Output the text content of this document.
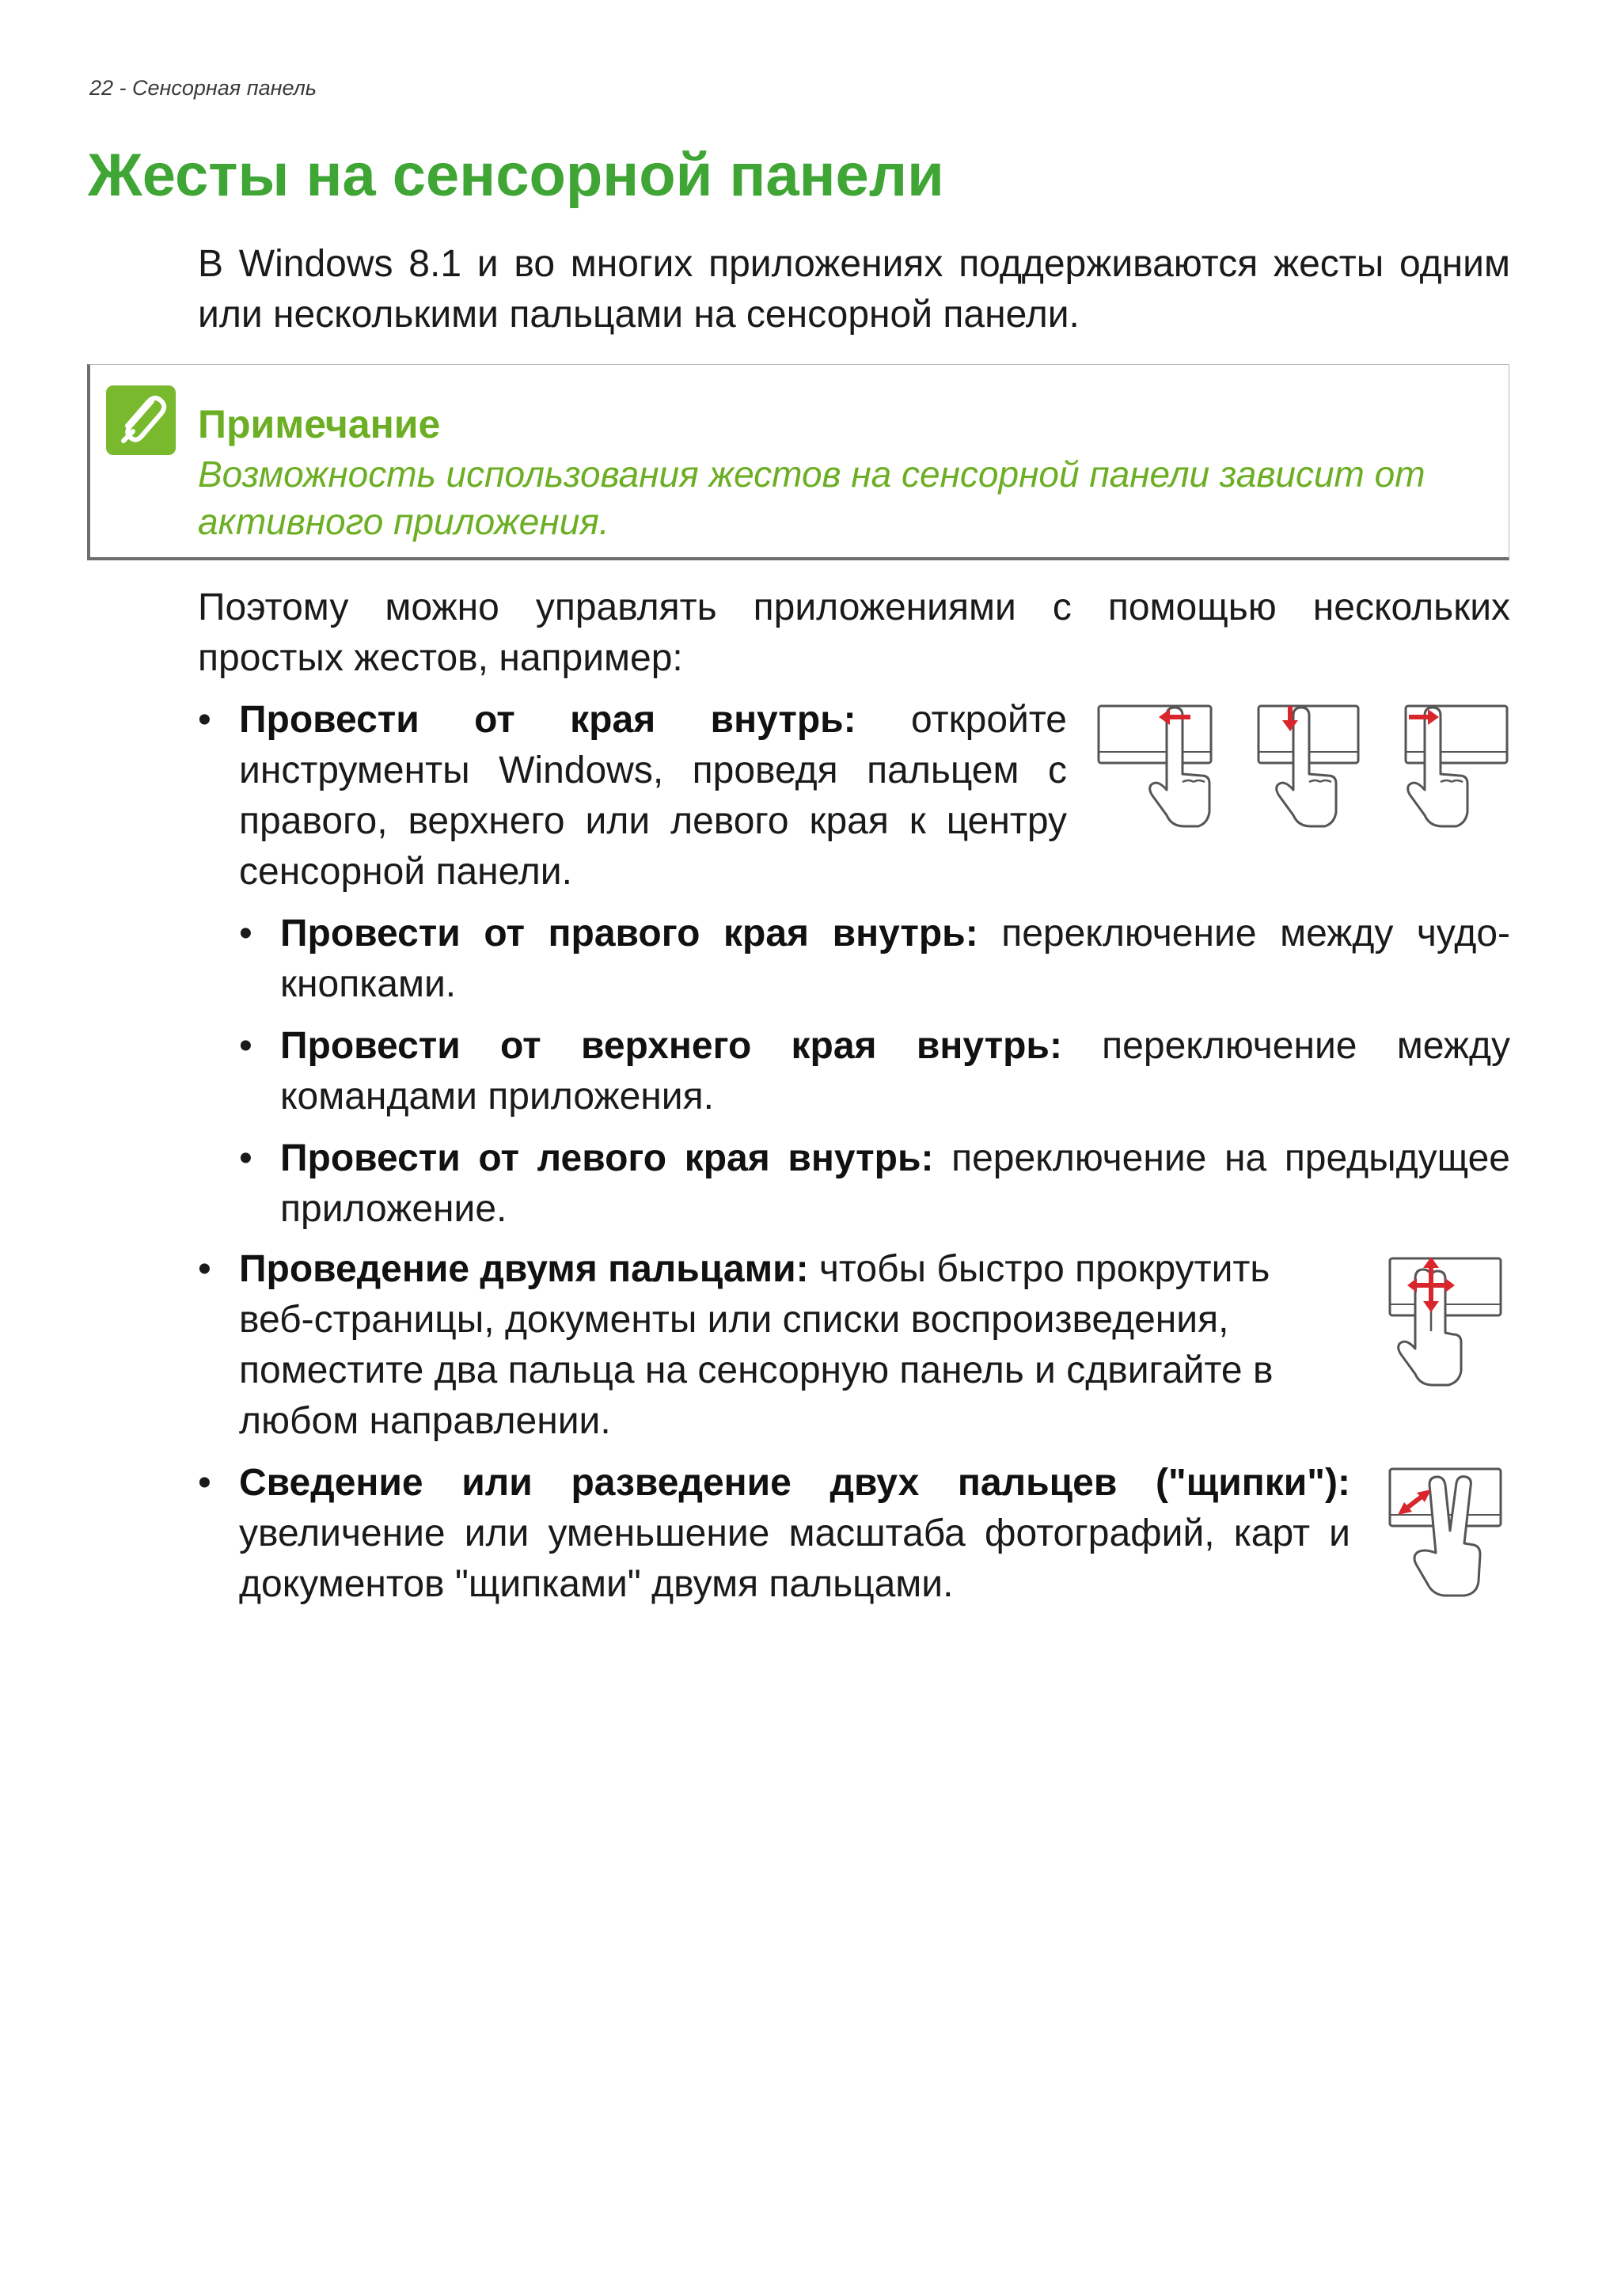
22 - Сенсорная панель
Жесты на сенсорной панели

В Windows 8.1 и во многих приложениях поддерживаются жесты одним или несколькими пальцами на сенсорной панели.

Примечание

Возможность использования жестов на сенсорной панели зависит от активного приложения.

Поэтому можно управлять приложениями с помощью нескольких простых жестов, например:

• Провести от края внутрь: откройте инструменты Windows, проведя пальцем с правого, верхнего или левого края к центру сенсорной панели.

• Провести от правого края внутрь: переключение между чудо-кнопками.

• Провести от верхнего края внутрь: переключение между командами приложения.

• Провести от левого края внутрь: переключение на предыдущее приложение.

• Проведение двумя пальцами: чтобы быстро прокрутить веб-страницы, документы или списки воспроизведения, поместите два пальца на сенсорную панель и сдвигайте в любом направлении.

• Сведение или разведение двух пальцев ("щипки"): увеличение или уменьшение масштаба фотографий, карт и документов "щипками" двумя пальцами.
